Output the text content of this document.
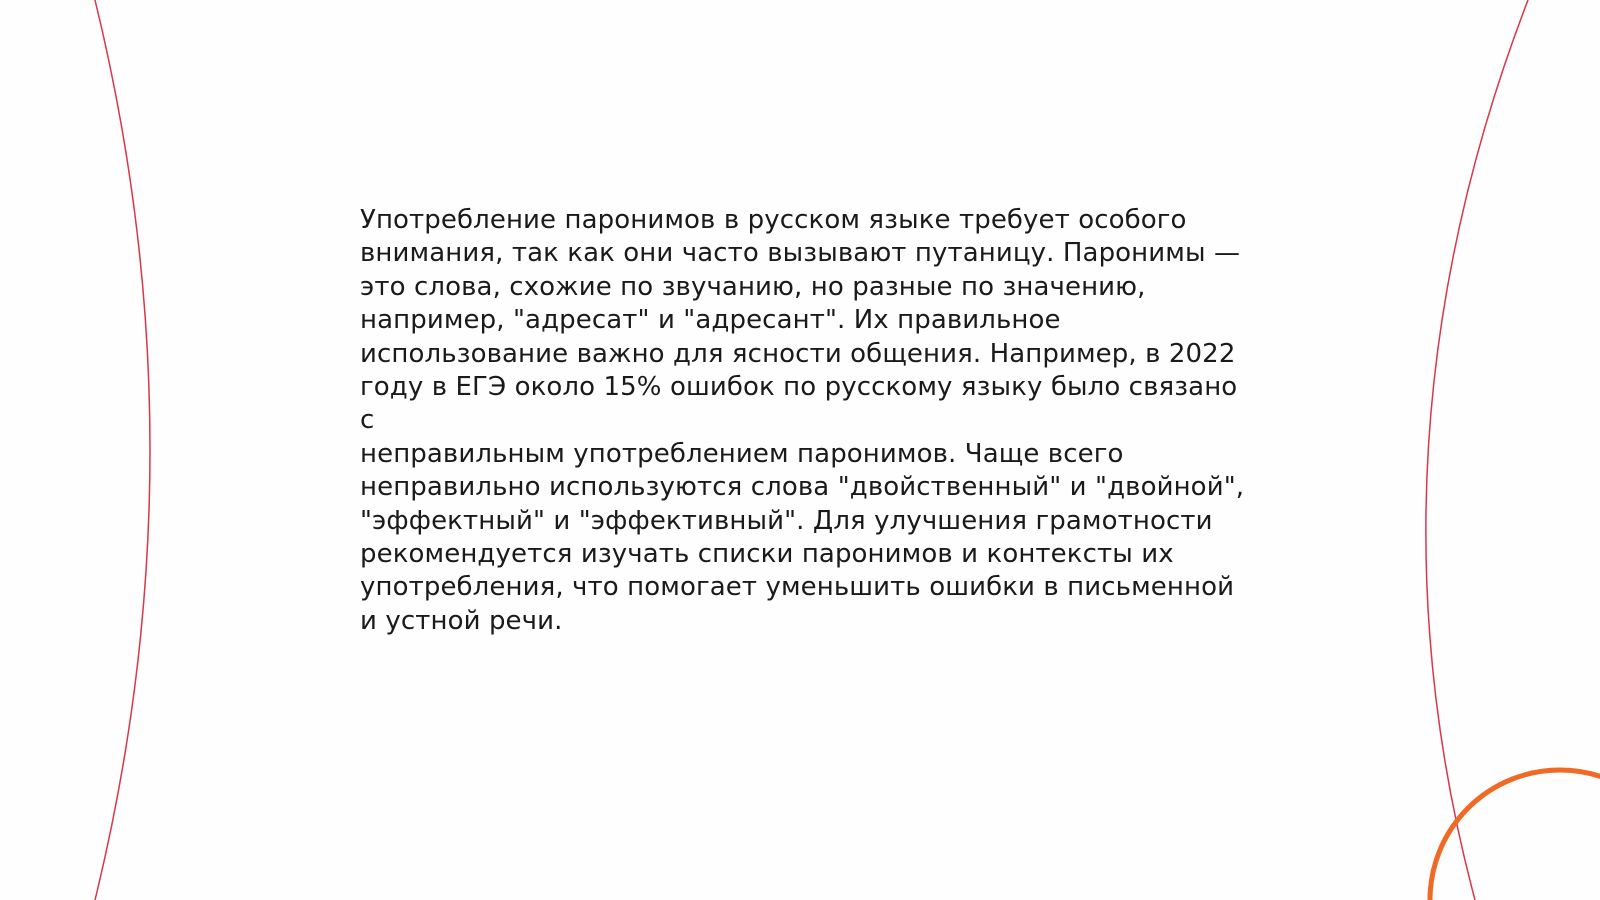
Употребление паронимов в русском языке требует особого
внимания, так как они часто вызывают путаницу. Паронимы —
это слова, схожие по звучанию, но разные по значению,
например, "адресат" и "адресант". Их правильное
использование важно для ясности общения. Например, в 2022
году в ЕГЭ около 15% ошибок по русскому языку было связано с
неправильным употреблением паронимов. Чаще всего
неправильно используются слова "двойственный" и "двойной",
"эффектный" и "эффективный". Для улучшения грамотности
рекомендуется изучать списки паронимов и контексты их
употребления, что помогает уменьшить ошибки в письменной
и устной речи.
